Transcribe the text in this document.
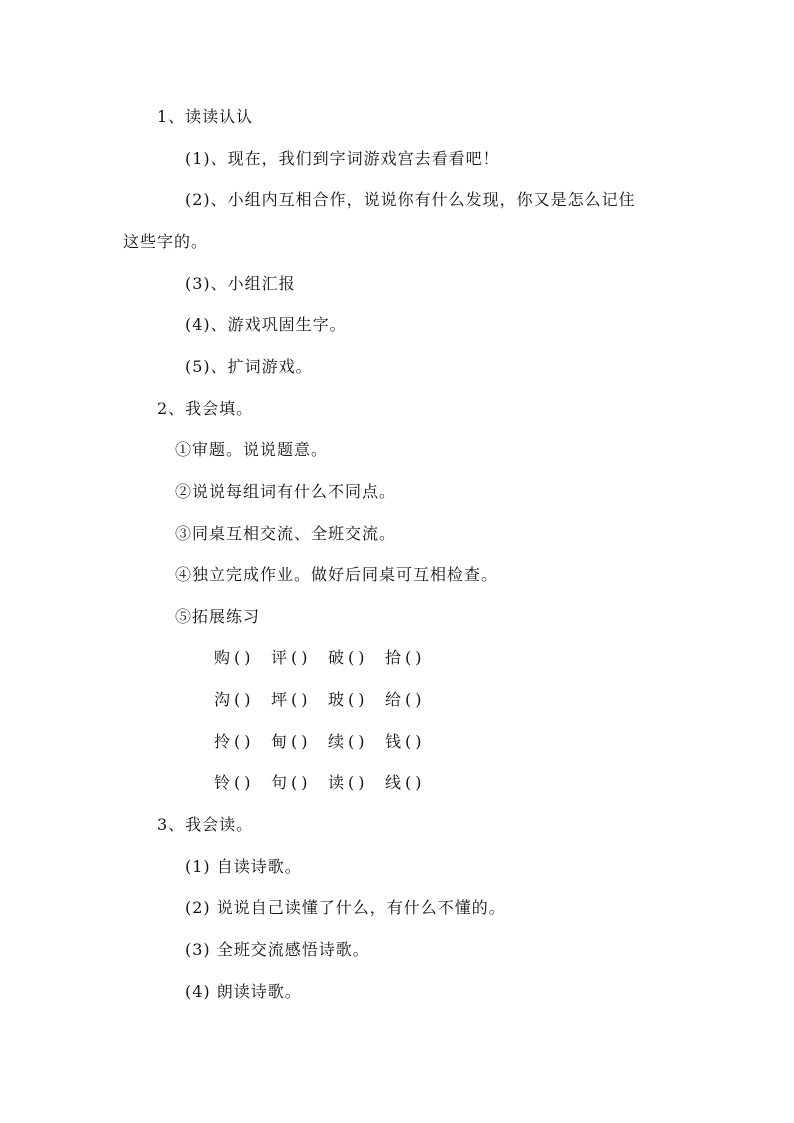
1、读读认认
(1)、现在，我们到字词游戏宫去看看吧！
(2)、小组内互相合作，说说你有什么发现，你又是怎么记住
这些字的。
(3)、小组汇报
(4)、游戏巩固生字。
(5)、扩词游戏。
2、我会填。
①审题。说说题意。
②说说每组词有什么不同点。
③同桌互相交流、全班交流。
④独立完成作业。做好后同桌可互相检查。
⑤拓展练习
购 () 评 () 破 () 拾 ()
沟 () 坪 () 玻 () 给 ()
拎 () 甸 () 续 () 钱 ()
铃 () 句 () 读 () 线 ()
3、我会读。
(1) 自读诗歌。
(2) 说说自己读懂了什么，有什么不懂的。
(3) 全班交流感悟诗歌。
(4) 朗读诗歌。
